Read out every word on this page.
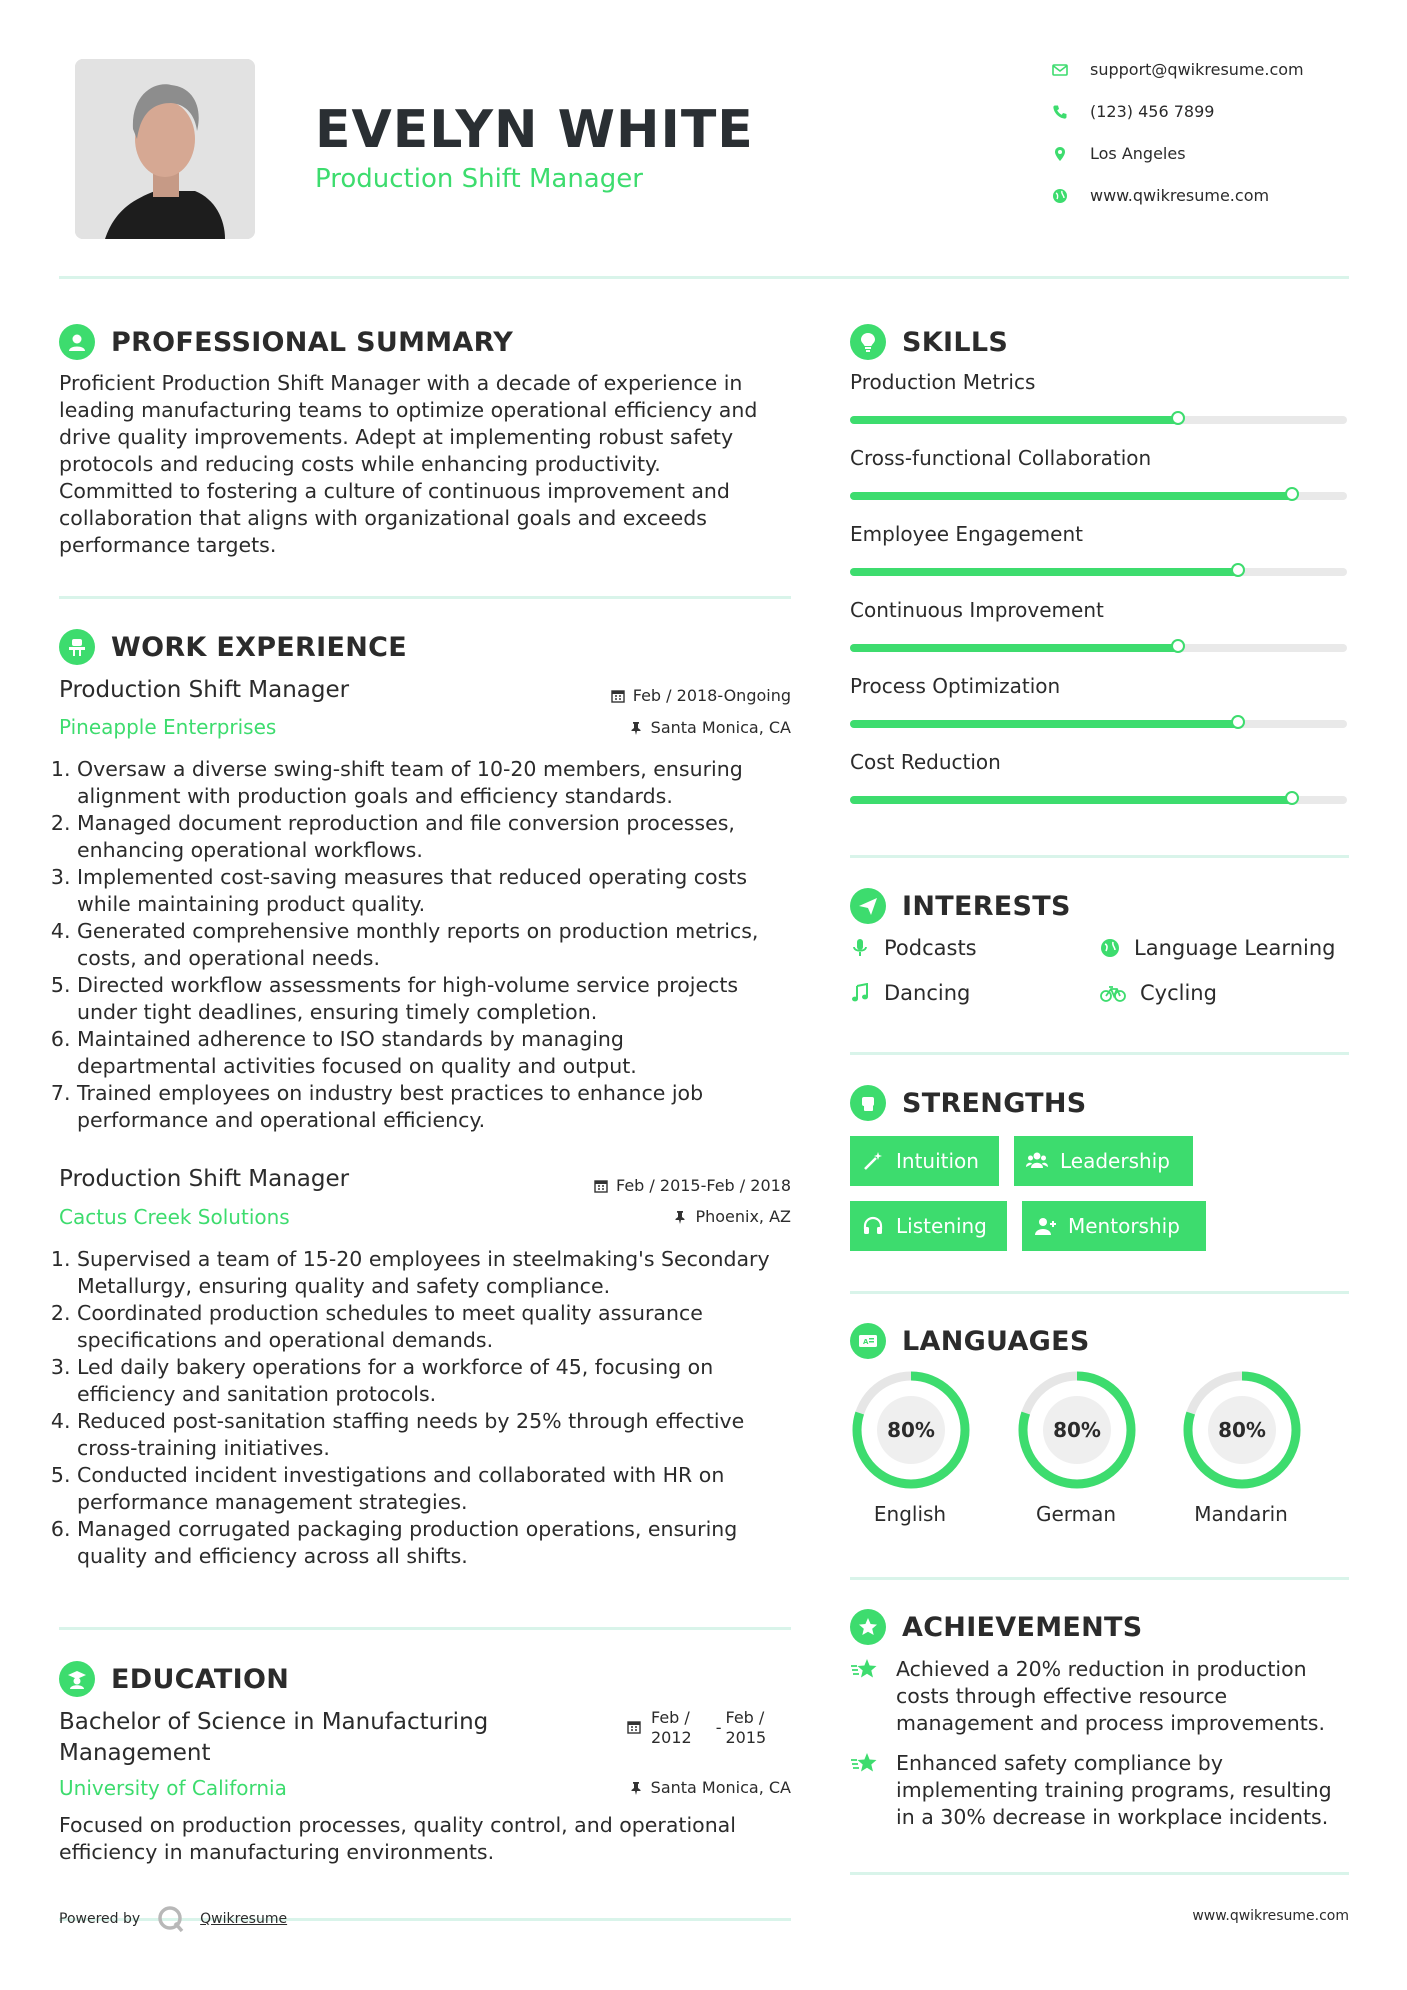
EVELYN WHITE
Production Shift Manager
support@qwikresume.com
(123) 456 7899
Los Angeles
www.qwikresume.com
PROFESSIONAL SUMMARY
Proficient Production Shift Manager with a decade of experience in
leading manufacturing teams to optimize operational efficiency and
drive quality improvements. Adept at implementing robust safety
protocols and reducing costs while enhancing productivity.
Committed to fostering a culture of continuous improvement and
collaboration that aligns with organizational goals and exceeds
performance targets.
WORK EXPERIENCE
Production Shift Manager	Feb / 2018-Ongoing
Pineapple Enterprises	Santa Monica, CA
1. Oversaw a diverse swing-shift team of 10-20 members, ensuring
alignment with production goals and efficiency standards.
2. Managed document reproduction and file conversion processes,
enhancing operational workflows.
3. Implemented cost-saving measures that reduced operating costs
while maintaining product quality.
4. Generated comprehensive monthly reports on production metrics,
costs, and operational needs.
5. Directed workflow assessments for high-volume service projects
under tight deadlines, ensuring timely completion.
6. Maintained adherence to ISO standards by managing
departmental activities focused on quality and output.
7. Trained employees on industry best practices to enhance job
performance and operational efficiency.
Production Shift Manager	Feb / 2015-Feb / 2018
Cactus Creek Solutions	Phoenix, AZ
1. Supervised a team of 15-20 employees in steelmaking's Secondary
Metallurgy, ensuring quality and safety compliance.
2. Coordinated production schedules to meet quality assurance
specifications and operational demands.
3. Led daily bakery operations for a workforce of 45, focusing on
efficiency and sanitation protocols.
4. Reduced post-sanitation staffing needs by 25% through effective
cross-training initiatives.
5. Conducted incident investigations and collaborated with HR on
performance management strategies.
6. Managed corrugated packaging production operations, ensuring
quality and efficiency across all shifts.
EDUCATION
Bachelor of Science in Manufacturing
Management
Feb /
2012
-
Feb /
2015
University of California	Santa Monica, CA
Focused on production processes, quality control, and operational
efficiency in manufacturing environments.
SKILLS
Production Metrics
Cross-functional Collaboration
Employee Engagement
Continuous Improvement
Process Optimization
Cost Reduction
INTERESTS
Podcasts	Language Learning
Dancing	Cycling
STRENGTHS
Intuition	Leadership
Listening	Mentorship
A LANGUAGES
80%
English
80%
German
80%
Mandarin
ACHIEVEMENTS
Achieved a 20% reduction in production
costs through effective resource
management and process improvements.
Enhanced safety compliance by
implementing training programs, resulting
in a 30% decrease in workplace incidents.
Powered by	Qwikresume	www.qwikresume.com
